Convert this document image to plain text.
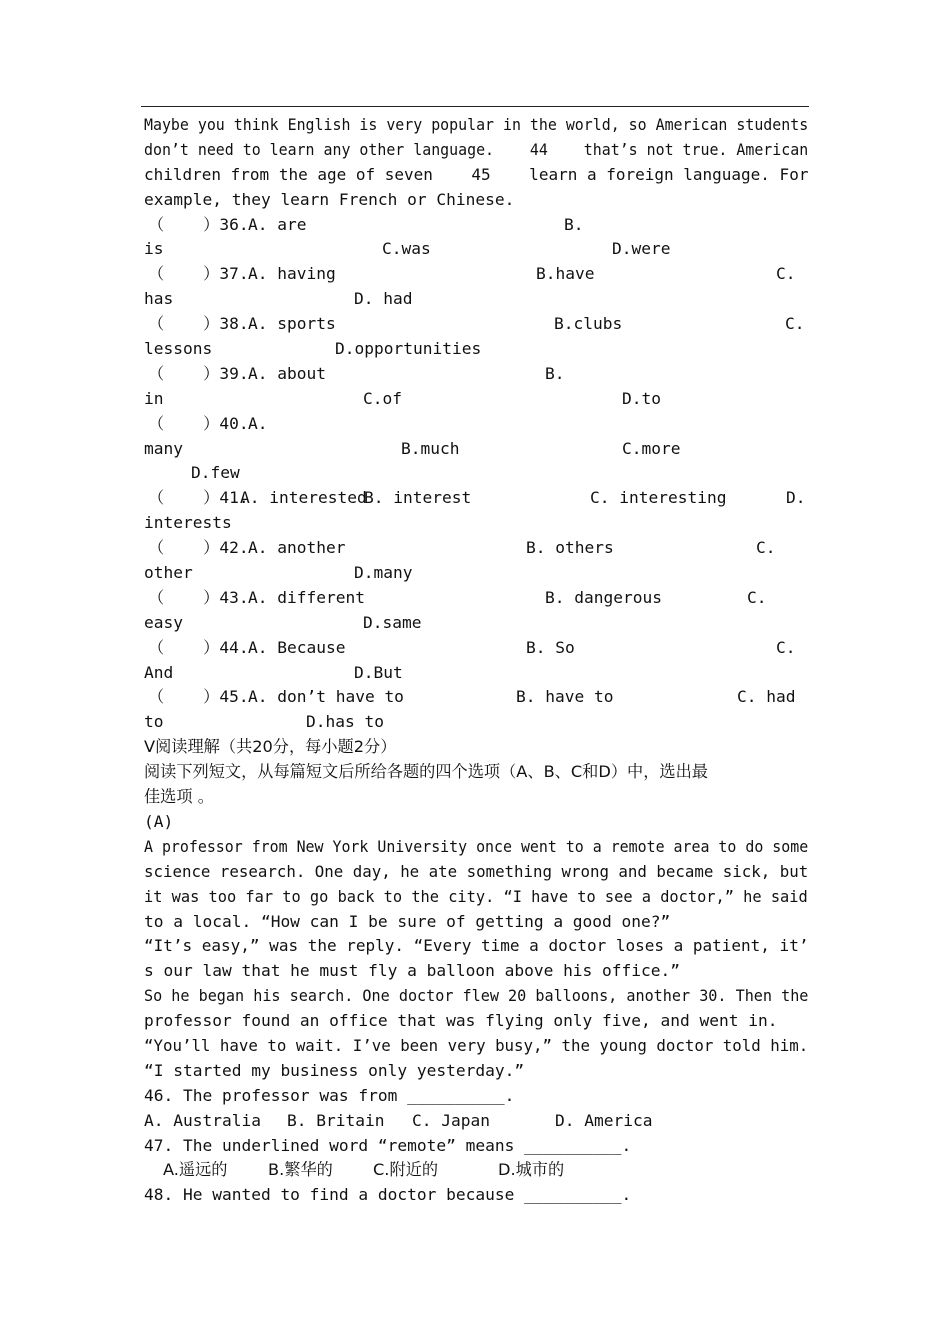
Maybe you think English is very popular in the world, so American students
don’t need to learn any other language.    44    that’s not true. American
children from the age of seven    45    learn a foreign language. For
example, they learn French or Chinese.

（    ）36.

A. are

	B.

is

	C.was

	D.were

（    ）37.

A. having

	B.have

	C.

has

	D. had

（    ）38.

A. sports

	B.clubs

	C.

lessons

	D.opportunities

（    ）39.

A. about

	B.

in

	C.of

	D.to

（    ）40.

A.

many

	B.much

	C.more

D.few

（    ）41.

A. interested

B. interest

	C. interesting

	D.

interests

（    ）42.

A. another

	B. others

	C.

other

	D.many

（    ）43.

A. different

	B. dangerous

	C.

easy

	D.same

（    ）44.

A. Because

	B. So

	C.

And

	D.But

（    ）45.

A. don’t have to

	B. have to

	C. had

to

	D.has to

V阅读理解（共20分，每小题2分）
阅读下列短文，从每篇短文后所给各题的四个选项（A、B、C和D）中，选出最
佳选项 。
(A)
A professor from New York University once went to a remote area to do some
science research. One day, he ate something wrong and became sick, but
it was too far to go back to the city. “I have to see a doctor,” he said
to a local. “How can I be sure of getting a good one?”
“It’s easy,” was the reply. “Every time a doctor loses a patient, it’
s our law that he must fly a balloon above his office.”
So he began his search. One doctor flew 20 balloons, another 30. Then the
professor found an office that was flying only five, and went in.
“You’ll have to wait. I’ve been very busy,” the young doctor told him.
“I started my business only yesterday.”
46. The professor was from __________.

A. Australia

B. Britain

C. Japan

	D. America

47. The underlined word “remote” means __________.

A.遥远的

	B.繁华的

C.附近的

	D.城市的

48. He wanted to find a doctor because __________.
